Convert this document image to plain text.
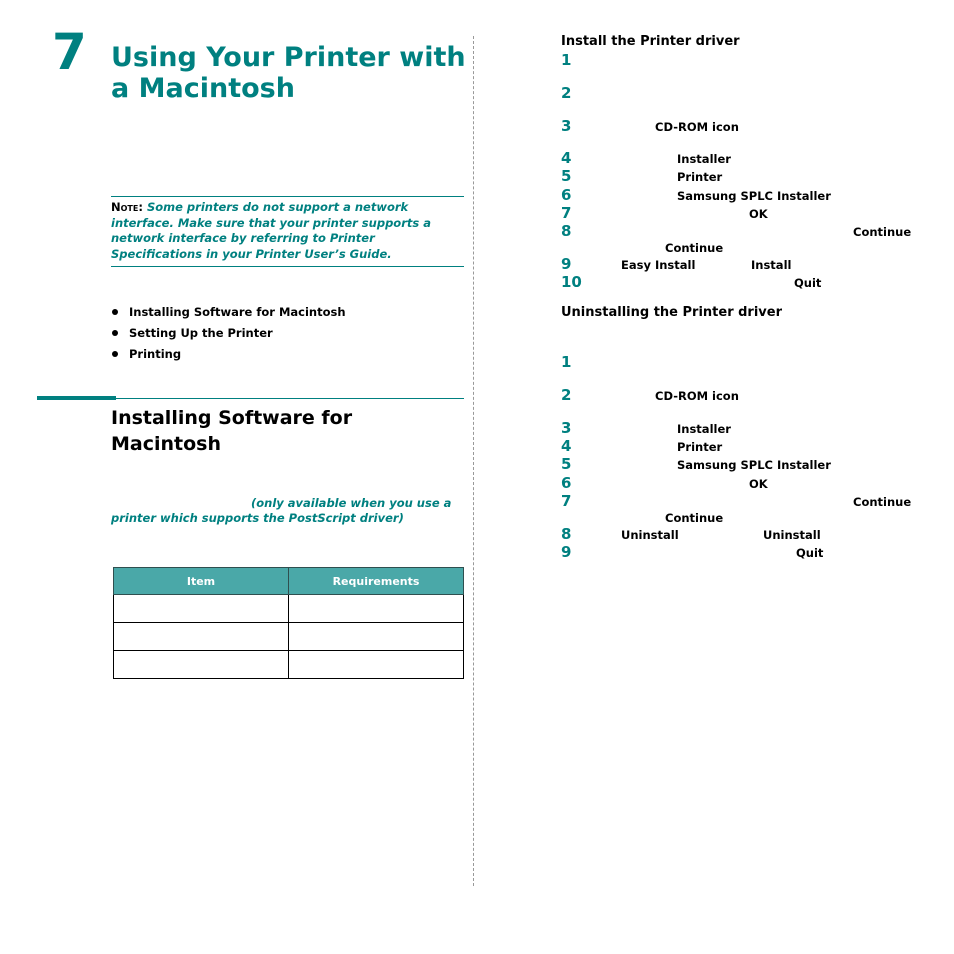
7 Using Your Printer with a Macintosh
Note: Some printers do not support a network interface. Make sure that your printer supports a network interface by referring to Printer Specifications in your Printer User’s Guide.
Installing Software for Macintosh
Setting Up the Printer
Printing
Installing Software for Macintosh
(only available when you use a printer which supports the PostScript driver)
Item	Requirements

Install the Printer driver
1
2
3	CD-ROM icon
4	Installer
5	Printer
6	Samsung SPLC Installer
7	OK
8	Continue
Continue
9	Easy Install	Install
10	Quit
Uninstalling the Printer driver
1
2	CD-ROM icon
3	Installer
4	Printer
5	Samsung SPLC Installer
6	OK
7	Continue
Continue
8	Uninstall	Uninstall
9	Quit
